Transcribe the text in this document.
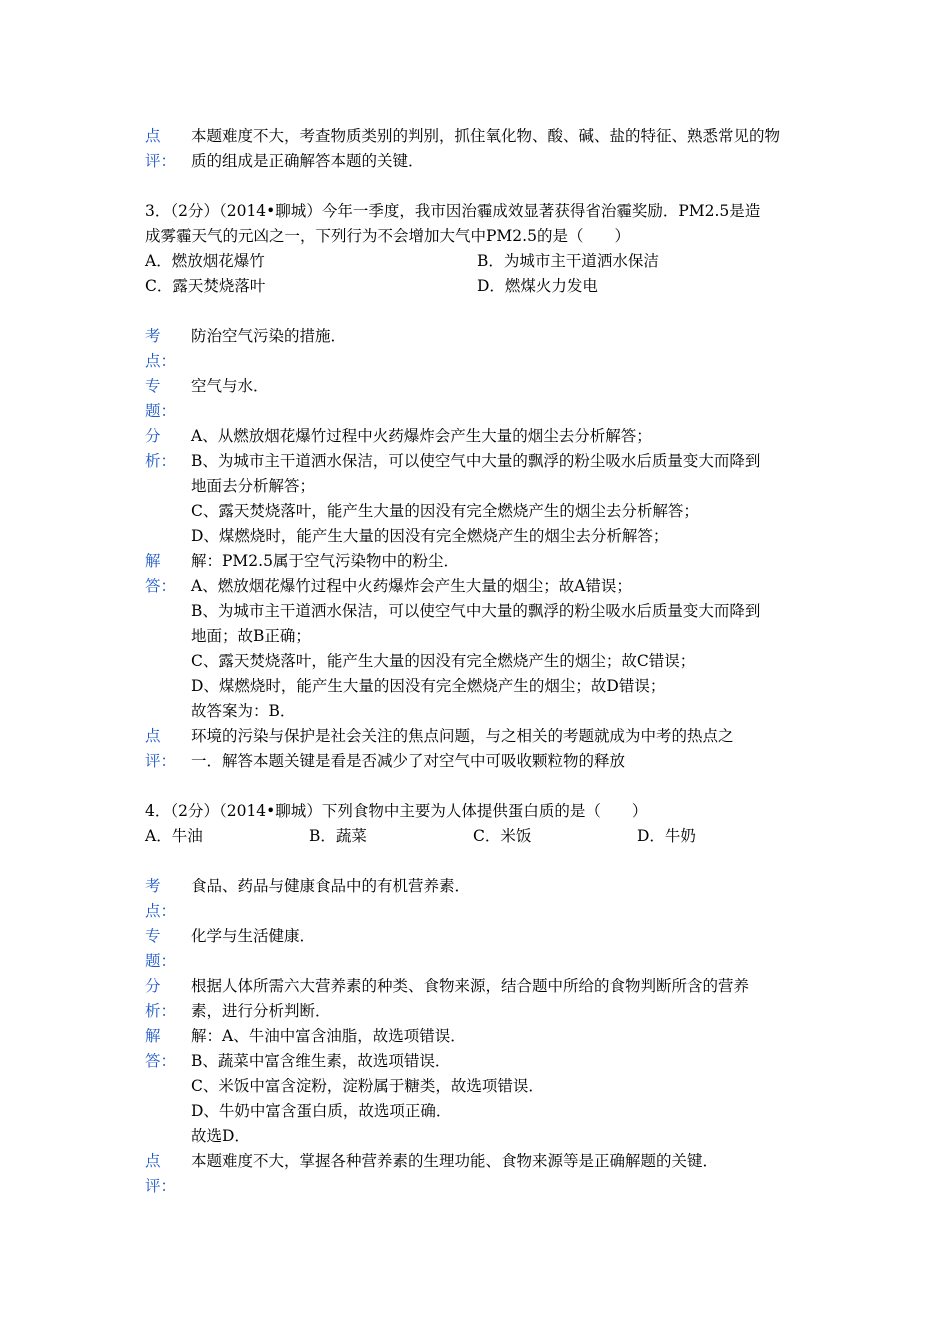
点
评：

本题难度不大，考查物质类别的判别，抓住氧化物、酸、碱、盐的特征、熟悉常见的物

质的组成是正确解答本题的关键．

3．（2分）（2014•聊城）今年一季度，我市因治霾成效显著获得省治霾奖励．PM2.5是造

成雾霾天气的元凶之一，下列行为不会增加大气中PM2.5的是（　　）

A．燃放烟花爆竹	B．为城市主干道洒水保洁
C．露天焚烧落叶	D．燃煤火力发电
考
点：

防治空气污染的措施．

专
题：

空气与水．

分
析：

A、从燃放烟花爆竹过程中火药爆炸会产生大量的烟尘去分析解答；

B、为城市主干道洒水保洁，可以使空气中大量的飘浮的粉尘吸水后质量变大而降到

地面去分析解答；

C、露天焚烧落叶，能产生大量的因没有完全燃烧产生的烟尘去分析解答；

D、煤燃烧时，能产生大量的因没有完全燃烧产生的烟尘去分析解答；

解
答：

解：PM2.5属于空气污染物中的粉尘．

A、燃放烟花爆竹过程中火药爆炸会产生大量的烟尘；故A错误；

B、为城市主干道洒水保洁，可以使空气中大量的飘浮的粉尘吸水后质量变大而降到

地面；故B正确；

C、露天焚烧落叶，能产生大量的因没有完全燃烧产生的烟尘；故C错误；

D、煤燃烧时，能产生大量的因没有完全燃烧产生的烟尘；故D错误；

故答案为：B．

点
评：

环境的污染与保护是社会关注的焦点问题，与之相关的考题就成为中考的热点之

一．解答本题关键是看是否减少了对空气中可吸收颗粒物的释放

4．（2分）（2014•聊城）下列食物中主要为人体提供蛋白质的是（　　）

A．牛油	B．蔬菜	C．米饭	D．牛奶
考
点：

食品、药品与健康食品中的有机营养素．

专
题：

化学与生活健康．

分
析：

根据人体所需六大营养素的种类、食物来源，结合题中所给的食物判断所含的营养

素，进行分析判断．

解
答：

解：A、牛油中富含油脂，故选项错误．

B、蔬菜中富含维生素，故选项错误．

C、米饭中富含淀粉，淀粉属于糖类，故选项错误．

D、牛奶中富含蛋白质，故选项正确．

故选D．

点
评：

本题难度不大，掌握各种营养素的生理功能、食物来源等是正确解题的关键．
